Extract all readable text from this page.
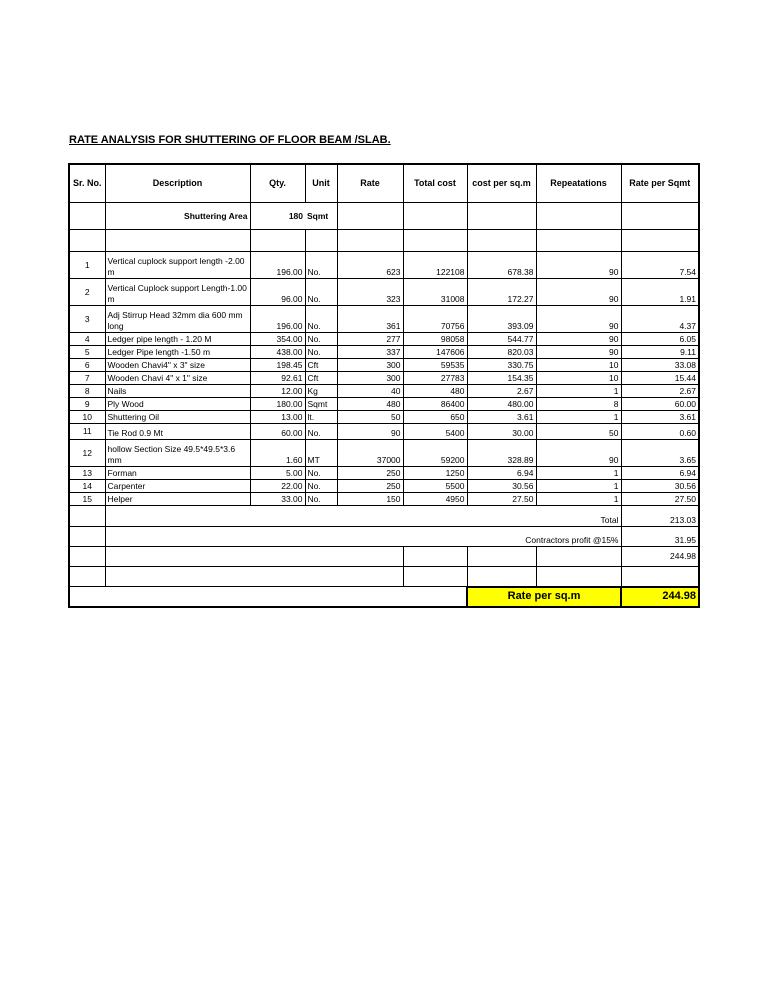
RATE ANALYSIS FOR SHUTTERING OF FLOOR BEAM /SLAB.
Sr. No.	Description	Qty.	Unit	Rate	Total cost	cost per sq.m	Repeatations	Rate per Sqmt
	Shuttering Area	180	Sqmt					

1	Vertical cuplock support length -2.00 m	196.00	No.	623	122108	678.38	90	7.54
2	Vertical Cuplock support Length-1.00 m	96.00	No.	323	31008	172.27	90	1.91
3	Adj Stirrup Head 32mm dia 600 mm long	196.00	No.	361	70756	393.09	90	4.37
4	Ledger pipe length - 1.20 M	354.00	No.	277	98058	544.77	90	6.05
5	Ledger Pipe length -1.50 m	438.00	No.	337	147606	820.03	90	9.11
6	Wooden Chavi4" x 3" size	198.45	Cft	300	59535	330.75	10	33.08
7	Wooden Chavi 4" x 1" size	92.61	Cft	300	27783	154.35	10	15.44
8	Nails	12.00	Kg	40	480	2.67	1	2.67
9	Ply Wood	180.00	Sqmt	480	86400	480.00	8	60.00
10	Shuttering Oil	13.00	lt.	50	650	3.61	1	3.61
11	Tie Rod 0.9 Mt	60.00	No.	90	5400	30.00	50	0.60
12	hollow Section Size 49.5*49.5*3.6 mm	1.60	MT	37000	59200	328.89	90	3.65
13	Forman	5.00	No.	250	1250	6.94	1	6.94
14	Carpenter	22.00	No.	250	5500	30.56	1	30.56
15	Helper	33.00	No.	150	4950	27.50	1	27.50
	Total							213.03
	Contractors profit @15%							31.95
								244.98

						Rate per sq.m		244.98
